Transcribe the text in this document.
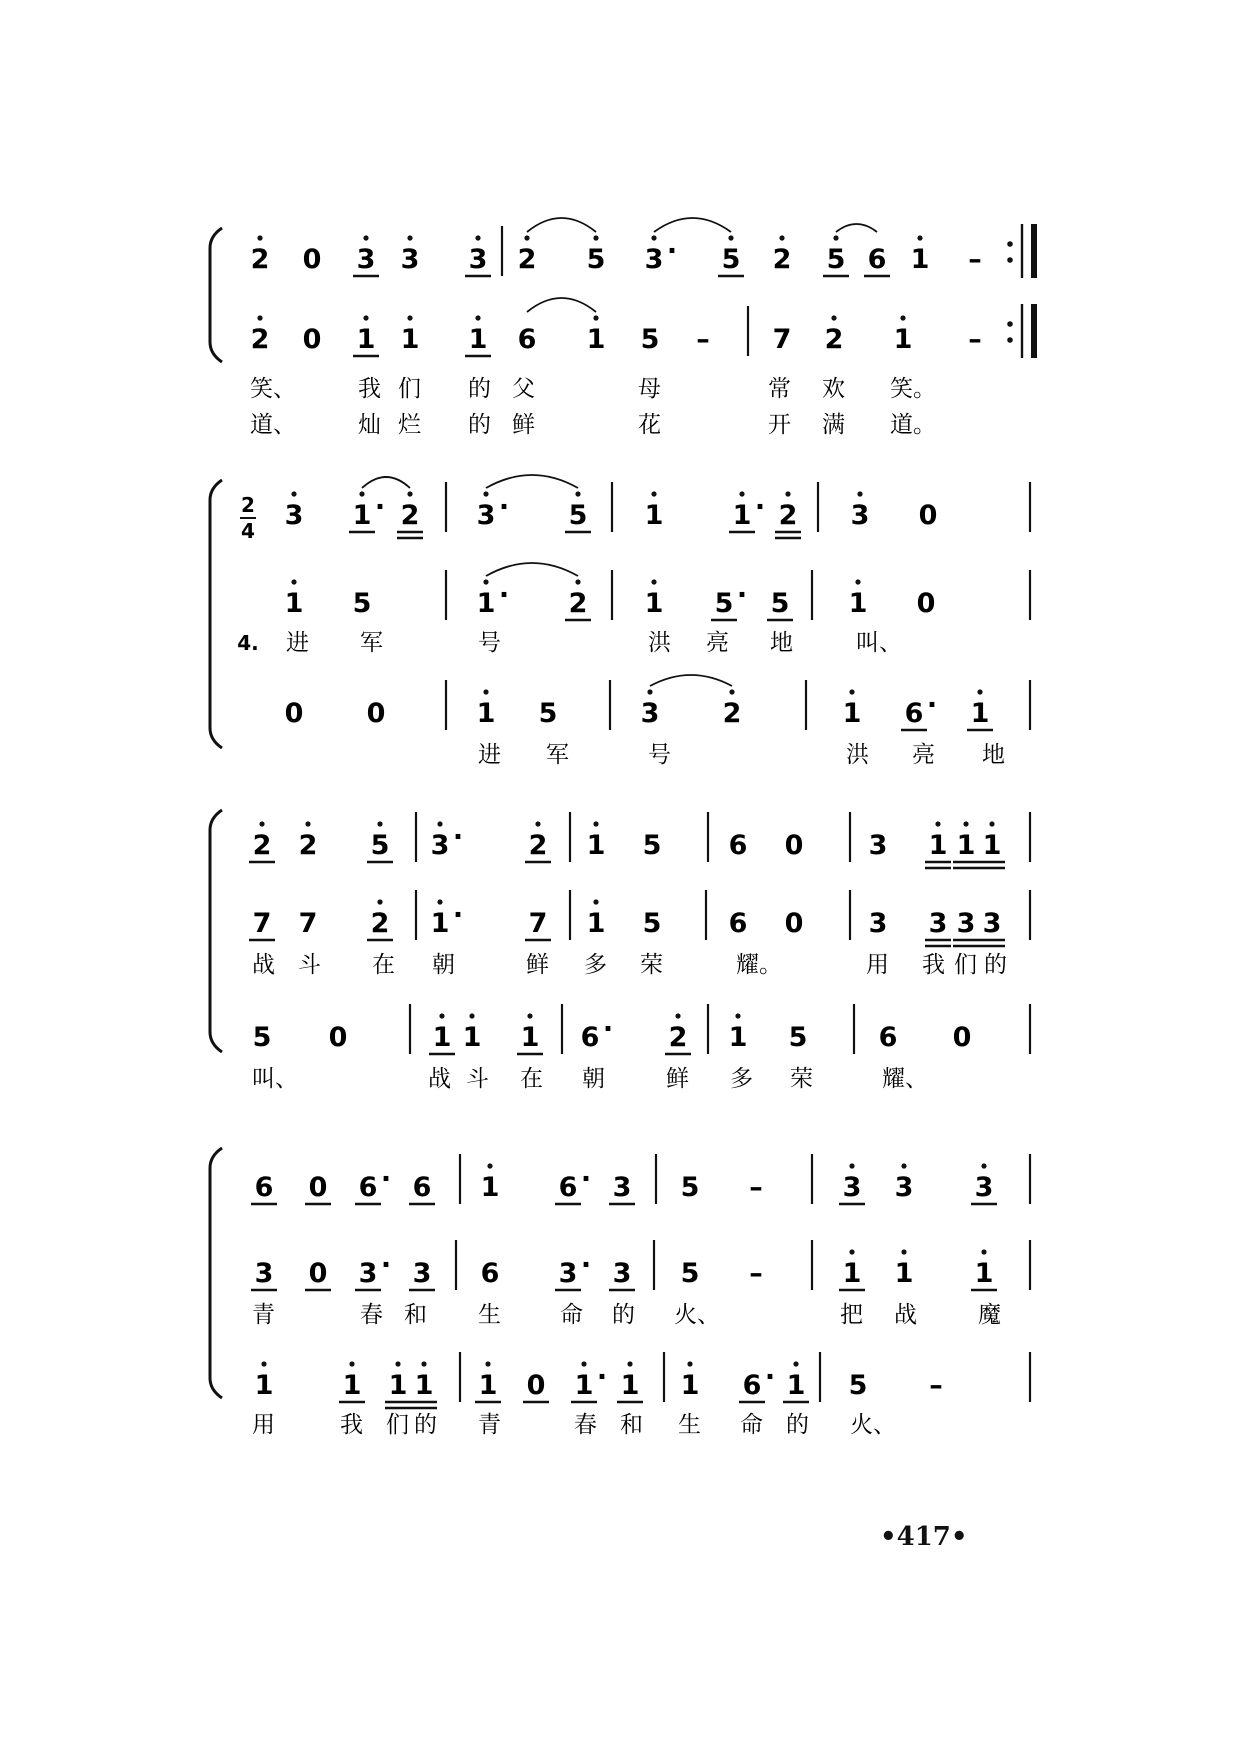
2 0 3 3 3 2 5 3 · 5 2 5 6 1 –
2 0 1 1 1 6 1 5 – 7 2 1 –
笑、	我 们 的 父	母	常 欢 笑。
道、	灿 烂 的 鲜	花	开 满 道。
2
4 3 1 · 2 3 · 5 1	1 · 2 3 0
1 5	1 · 2 1 5 · 5 1 0
4. 进 军	号	洪 亮 地	叫、
0 0	1 5	3 2	1 6 · 1
进 军	号	洪 亮 地
2 2 5 3 · 2 1 5 6 0 3 1 1 1
7 7 2 1 · 7 1 5 6 0 3 3 3 3
战 斗 在 朝	鲜 多 荣	耀。	用 我 们 的
5 0	1 1 1 6 · 2 1 5	6 0
叫、	战 斗 在 朝	鲜 多 荣	耀、
6 0 6 · 6 1 6 · 3 5 –	3 3 3
3 0 3 · 3 6 3 · 3 5 –	1 1 1
青	春 和 生	命 的 火、	把 战	魔
1	1 1 1 1 0 1 · 1 1 6 · 1 5 –
用	我 们 的 青	春 和 生 命 的 火、
•417•
